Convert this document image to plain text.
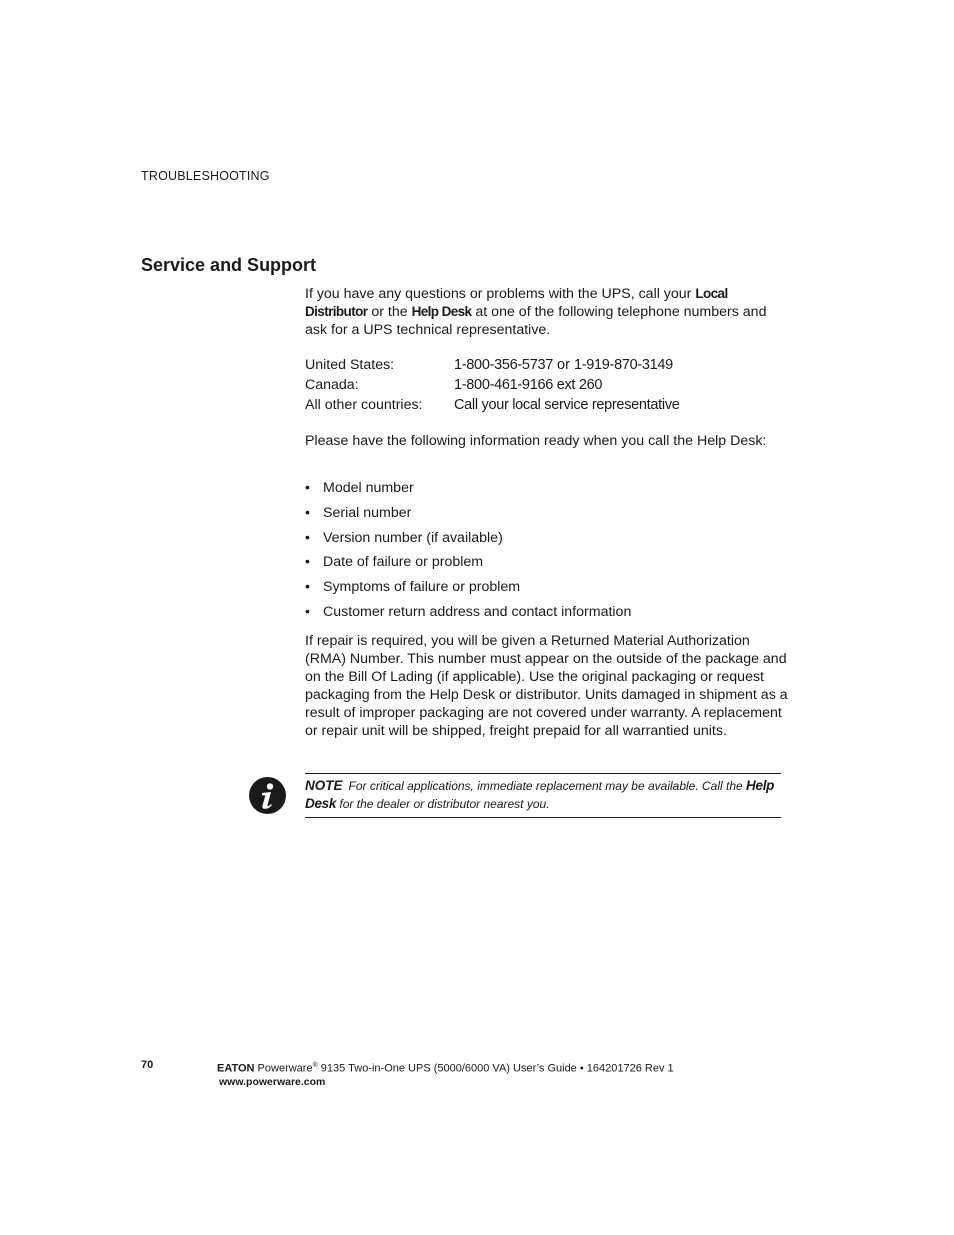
TROUBLESHOOTING
Service and Support

If you have any questions or problems with the UPS, call your Local Distributor or the Help Desk at one of the following telephone numbers and ask for a UPS technical representative.

United States:	1-800-356-5737 or 1-919-870-3149
Canada:	1-800-461-9166 ext 260
All other countries:	Call your local service representative

Please have the following information ready when you call the Help Desk:

• Model number
• Serial number
• Version number (if available)
• Date of failure or problem
• Symptoms of failure or problem
• Customer return address and contact information

If repair is required, you will be given a Returned Material Authorization (RMA) Number. This number must appear on the outside of the package and on the Bill Of Lading (if applicable). Use the original packaging or request packaging from the Help Desk or distributor. Units damaged in shipment as a result of improper packaging are not covered under warranty. A replacement or repair unit will be shipped, freight prepaid for all warrantied units.

NOTE For critical applications, immediate replacement may be available. Call the Help Desk for the dealer or distributor nearest you.
70	EATON Powerware® 9135 Two-in-One UPS (5000/6000 VA) User’s Guide • 164201726 Rev 1
www.powerware.com
